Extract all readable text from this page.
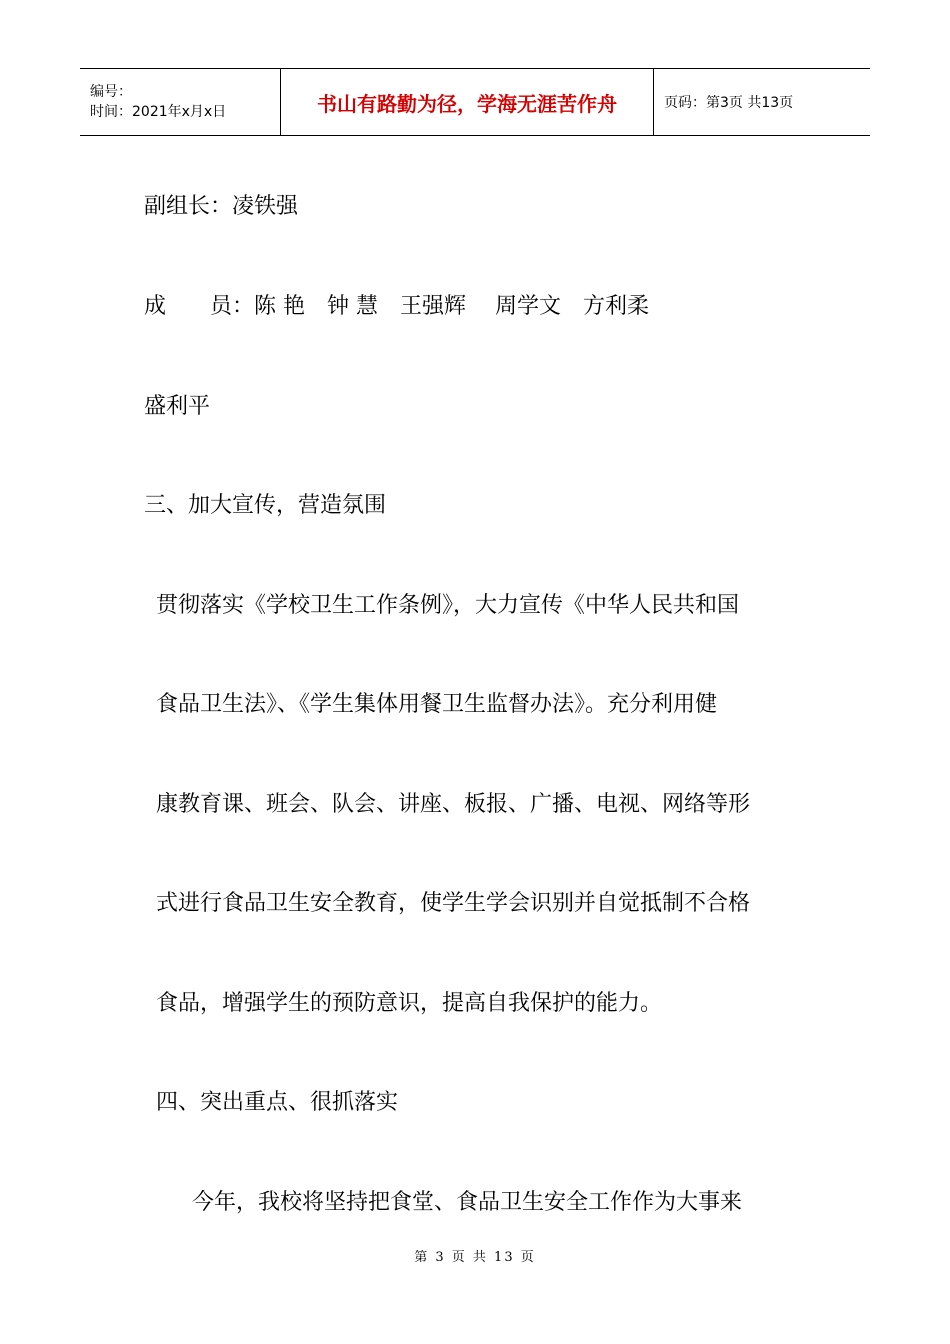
编号：
时间：2021年x月x日	书山有路勤为径，学海无涯苦作舟	页码：第3页 共13页

副组长：凌铁强

成　　员：陈 艳　钟 慧　王强辉　 周学文　方利柔

盛利平

三、加大宣传，营造氛围

贯彻落实《学校卫生工作条例》，大力宣传《中华人民共和国

食品卫生法》、《学生集体用餐卫生监督办法》。充分利用健

康教育课、班会、队会、讲座、板报、广播、电视、网络等形

式进行食品卫生安全教育，使学生学会识别并自觉抵制不合格

食品，增强学生的预防意识，提高自我保护的能力。

四、突出重点、很抓落实

今年，我校将坚持把食堂、食品卫生安全工作作为大事来

第 3 页 共 13 页
